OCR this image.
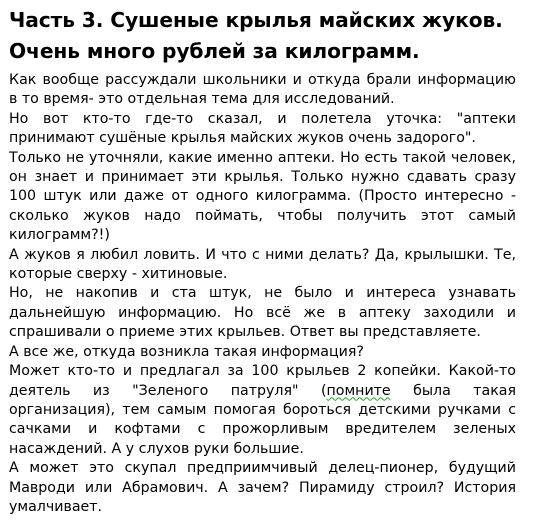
Часть 3. Сушеные крылья майских жуков.
Очень много рублей за килограмм.

Как вообще рассуждали школьники и откуда брали информацию в то время- это отдельная тема для исследований.

Но вот кто-то где-то сказал, и полетела уточка: "аптеки принимают сушёные крылья майских жуков очень задорого".

Только не уточняли, какие именно аптеки. Но есть такой человек, он знает и принимает эти крылья. Только нужно сдавать сразу 100 штук или даже от одного килограмма. (Просто интересно - сколько жуков надо поймать, чтобы получить этот самый килограмм?!)

А жуков я любил ловить. И что с ними делать? Да, крылышки. Те, которые сверху - хитиновые.

Но, не накопив и ста штук, не было и интереса узнавать дальнейшую информацию. Но всё же в аптеку заходили и спрашивали о приеме этих крыльев. Ответ вы представляете.

А все же, откуда возникла такая информация?

Может кто-то и предлагал за 100 крыльев 2 копейки. Какой-то деятель из "Зеленого патруля" (помните была такая организация), тем самым помогая бороться детскими ручками с сачками и кофтами с прожорливым вредителем зеленых насаждений. А у слухов руки большие.

А может это скупал предприимчивый делец-пионер, будущий Мавроди или Абрамович. А зачем? Пирамиду строил? История умалчивает.
